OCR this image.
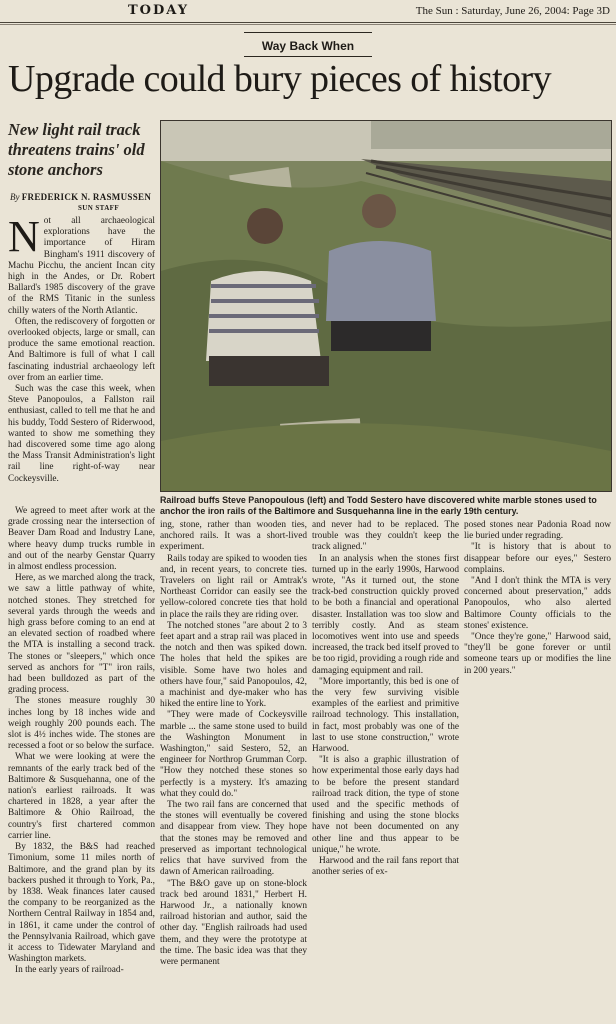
TODAY	The Sun : Saturday, June 26, 2004: Page 3D
Way Back When
Upgrade could bury pieces of history
New light rail track threatens trains' old stone anchors
By FREDERICK N. RASMUSSEN
SUN STAFF
N ot all archaeological explorations have the importance of Hiram Bingham's 1911 discovery of Machu Picchu, the ancient Incan city high in the Andes, or Dr. Robert Ballard's 1985 discovery of the grave of the RMS Titanic in the sunless chilly waters of the North Atlantic.

Often, the rediscovery of forgotten or overlooked objects, large or small, can produce the same emotional reaction. And Baltimore is full of what I call fascinating industrial archaeology left over from an earlier time.

Such was the case this week, when Steve Panopoulos, a Fallston rail enthusiast, called to tell me that he and his buddy, Todd Sestero of Riderwood, wanted to show me something they had discovered some time ago along the Mass Transit Administration's light rail line right-of-way near Cockeysville.

Railroad buffs Steve Panopoulous (left) and Todd Sestero have discovered white marble stones used to anchor the iron rails of the Baltimore and Susquehanna line in the early 19th century.

We agreed to meet after work at the grade crossing near the intersection of Beaver Dam Road and Industry Lane, where heavy dump trucks rumble in and out of the nearby Genstar Quarry in almost endless procession.

Here, as we marched along the track, we saw a little pathway of white, notched stones. They stretched for several yards through the weeds and high grass before coming to an end at an elevated section of roadbed where the MTA is installing a second track. The stones or "sleepers," which once served as anchors for "T" iron rails, had been bulldozed as part of the grading process.

The stones measure roughly 30 inches long by 18 inches wide and weigh roughly 200 pounds each. The slot is 4½ inches wide. The stones are recessed a foot or so below the surface.

What we were looking at were the remnants of the early track bed of the Baltimore & Susquehanna, one of the nation's earliest railroads. It was chartered in 1828, a year after the Baltimore & Ohio Railroad, the country's first chartered common carrier line.

By 1832, the B&S had reached Timonium, some 11 miles north of Baltimore, and the grand plan by its backers pushed it through to York, Pa., by 1838. Weak finances later caused the company to be reorganized as the Northern Central Railway in 1854 and, in 1861, it came under the control of the Pennsylvania Railroad, which gave it access to Tidewater Maryland and Washington markets.

In the early years of railroad-

ing, stone, rather than wooden ties, anchored rails. It was a short-lived experiment.

Rails today are spiked to wooden ties and, in recent years, to concrete ties. Travelers on light rail or Amtrak's Northeast Corridor can easily see the yellow-colored concrete ties that hold in place the rails they are riding over.

The notched stones "are about 2 to 3 feet apart and a strap rail was placed in the notch and then was spiked down. The holes that held the spikes are visible. Some have two holes and others have four," said Panopoulos, 42, a machinist and dye-maker who has hiked the entire line to York.

"They were made of Cockeysville marble ... the same stone used to build the Washington Monument in Washington," said Sestero, 52, an engineer for Northrop Grumman Corp. "How they notched these stones so perfectly is a mystery. It's amazing what they could do."

The two rail fans are concerned that the stones will eventually be covered and disappear from view. They hope that the stones may be removed and preserved as important technological relics that have survived from the dawn of American railroading.

"The B&O gave up on stone-block track bed around 1831," Herbert H. Harwood Jr., a nationally known railroad historian and author, said the other day. "English railroads had used them, and they were the prototype at the time. The basic idea was that they were permanent

and never had to be replaced. The trouble was they couldn't keep the track aligned."

In an analysis when the stones first turned up in the early 1990s, Harwood wrote, "As it turned out, the stone track-bed construction quickly proved to be both a financial and operational disaster. Installation was too slow and terribly costly. And as steam locomotives went into use and speeds increased, the track bed itself proved to be too rigid, providing a rough ride and damaging equipment and rail.

"More importantly, this bed is one of the very few surviving visible examples of the earliest and primitive railroad technology. This installation, in fact, most probably was one of the last to use stone construction," wrote Harwood.

"It is also a graphic illustration of how experimental those early days had to be before the present standard railroad track dition, the type of stone used and the specific methods of finishing and using the stone blocks have not been documented on any other line and thus appear to be unique," he wrote.

Harwood and the rail fans report that another series of ex-

posed stones near Padonia Road now lie buried under regrading.

"It is history that is about to disappear before our eyes," Sestero complains.

"And I don't think the MTA is very concerned about preservation," adds Panopoulos, who also alerted Baltimore County officials to the stones' existence.

"Once they're gone," Harwood said, "they'll be gone forever or until someone tears up or modifies the line in 200 years."
